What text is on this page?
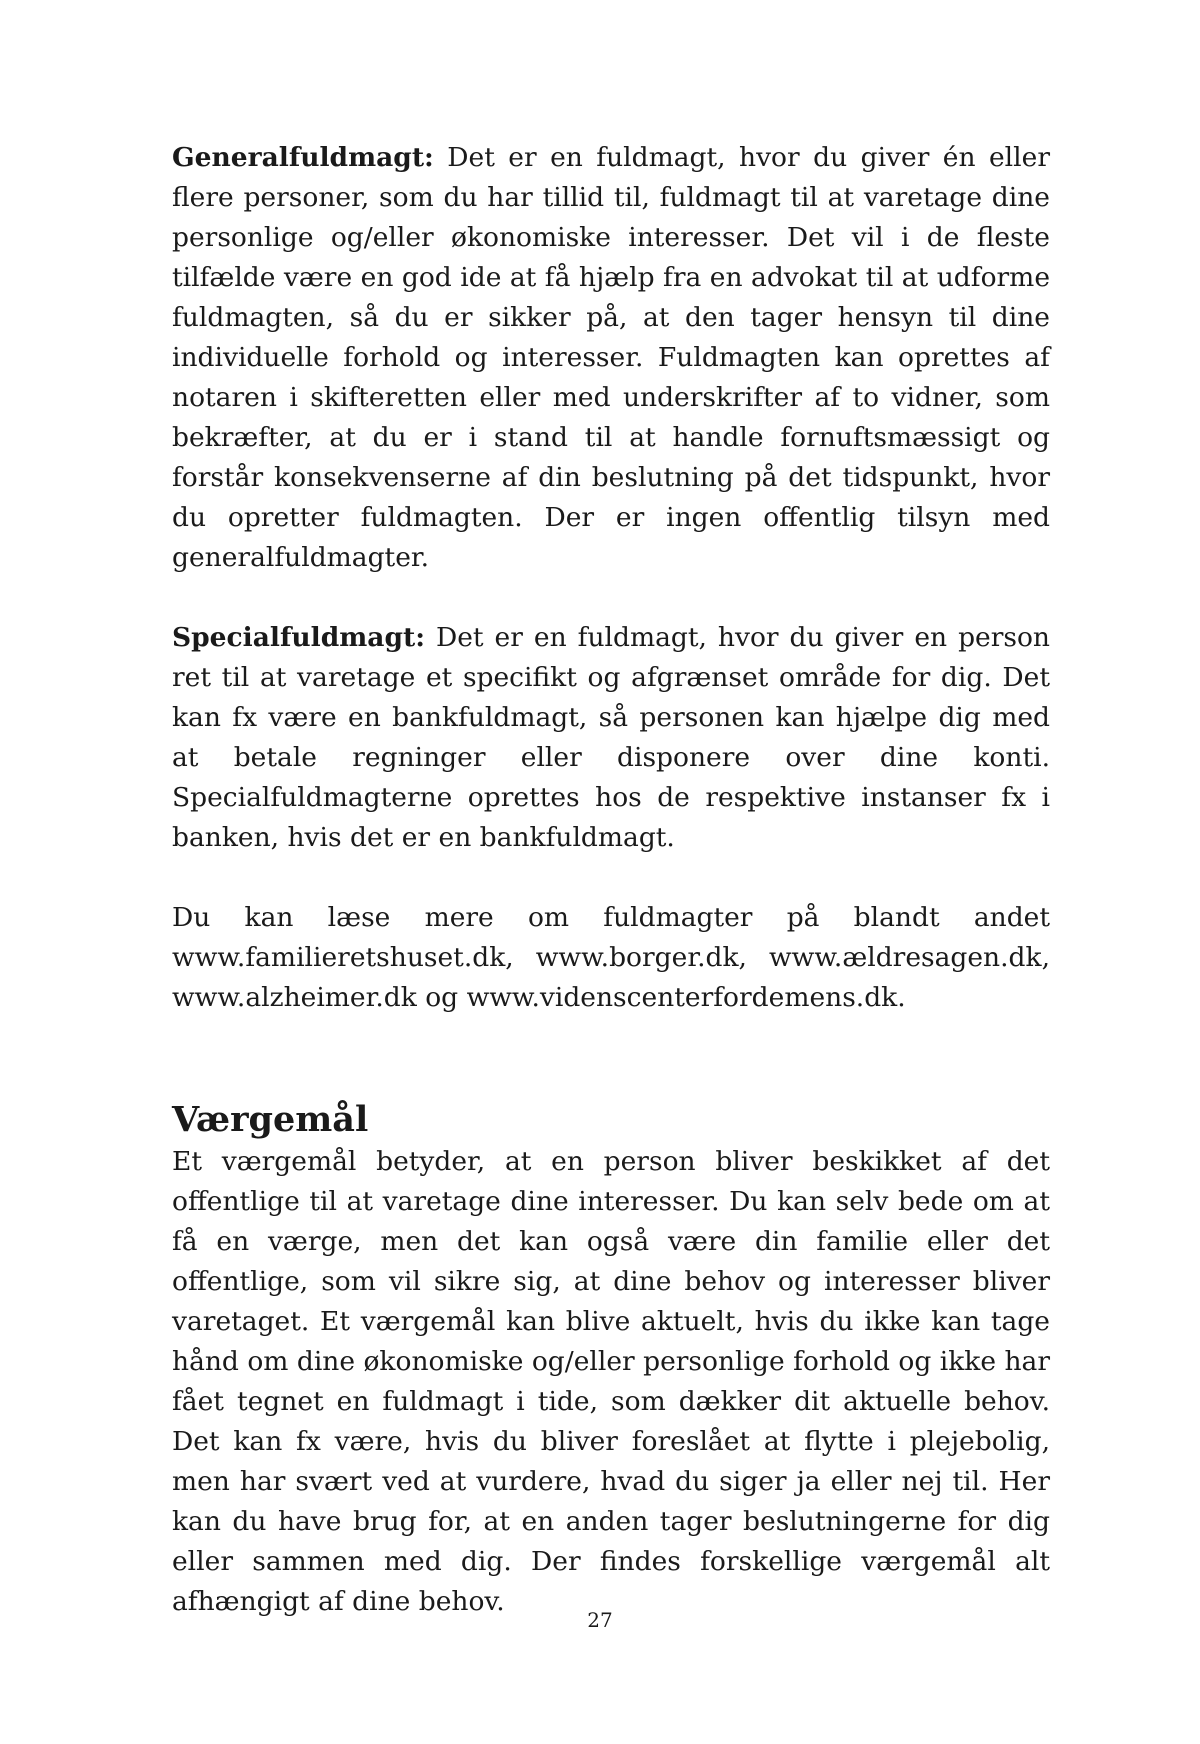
Generalfuldmagt: Det er en fuldmagt, hvor du giver én eller flere personer, som du har tillid til, fuldmagt til at varetage dine personlige og/eller økonomiske interesser. Det vil i de fleste tilfælde være en god ide at få hjælp fra en advokat til at udforme fuldmagten, så du er sikker på, at den tager hensyn til dine individuelle forhold og interesser. Fuldmagten kan oprettes af notaren i skifteretten eller med underskrifter af to vidner, som bekræfter, at du er i stand til at handle fornuftsmæssigt og forstår konsekvenserne af din beslutning på det tidspunkt, hvor du opretter fuldmagten. Der er ingen offentlig tilsyn med generalfuldmagter.

Specialfuldmagt: Det er en fuldmagt, hvor du giver en person ret til at varetage et specifikt og afgrænset område for dig. Det kan fx være en bankfuldmagt, så personen kan hjælpe dig med at betale regninger eller disponere over dine konti. Specialfuldmagterne oprettes hos de respektive instanser fx i banken, hvis det er en bankfuldmagt.

Du kan læse mere om fuldmagter på blandt andet www.familieretshuset.dk, www.borger.dk, www.ældresagen.dk, www.alzheimer.dk og www.videnscenterfordemens.dk.

Værgemål

Et værgemål betyder, at en person bliver beskikket af det offentlige til at varetage dine interesser. Du kan selv bede om at få en værge, men det kan også være din familie eller det offentlige, som vil sikre sig, at dine behov og interesser bliver varetaget. Et værgemål kan blive aktuelt, hvis du ikke kan tage hånd om dine økonomiske og/eller personlige forhold og ikke har fået tegnet en fuldmagt i tide, som dækker dit aktuelle behov. Det kan fx være, hvis du bliver foreslået at flytte i plejebolig, men har svært ved at vurdere, hvad du siger ja eller nej til. Her kan du have brug for, at en anden tager beslutningerne for dig eller sammen med dig. Der findes forskellige værgemål alt afhængigt af dine behov.

27
